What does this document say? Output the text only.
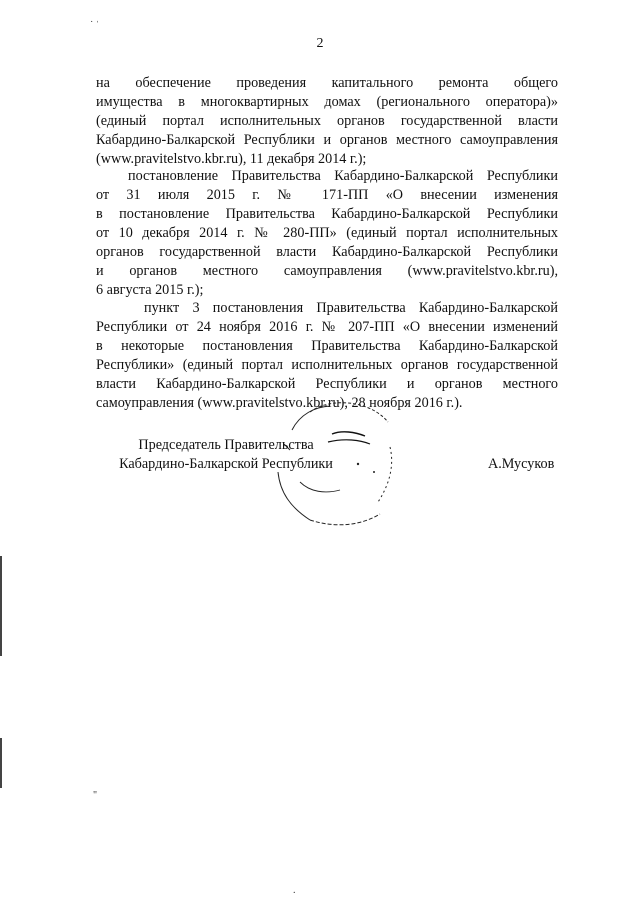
2
˙ ˈ
на обеспечение проведения капитального ремонта общего
имущества в многоквартирных домах (регионального оператора)»
(единый портал исполнительных органов государственной власти
Кабардино-Балкарской Республики и органов местного самоуправления
(www.pravitelstvo.kbr.ru), 11 декабря 2014 г.);
постановление Правительства Кабардино-Балкарской Республики
от 31 июля 2015 г. № 171-ПП «О внесении изменения
в постановление Правительства Кабардино-Балкарской Республики
от 10 декабря 2014 г. № 280-ПП» (единый портал исполнительных
органов государственной власти Кабардино-Балкарской Республики
и органов местного самоуправления (www.pravitelstvo.kbr.ru),
6 августа 2015 г.);
пункт 3 постановления Правительства Кабардино-Балкарской
Республики от 24 ноября 2016 г. № 207-ПП «О внесении изменений
в некоторые постановления Правительства Кабардино-Балкарской
Республики» (единый портал исполнительных органов государственной
власти Кабардино-Балкарской Республики и органов местного
самоуправления (www.pravitelstvo.kbr.ru), 28 ноября 2016 г.).
Председатель Правительства
Кабардино-Балкарской Республики	А.Мусуков
"
.
